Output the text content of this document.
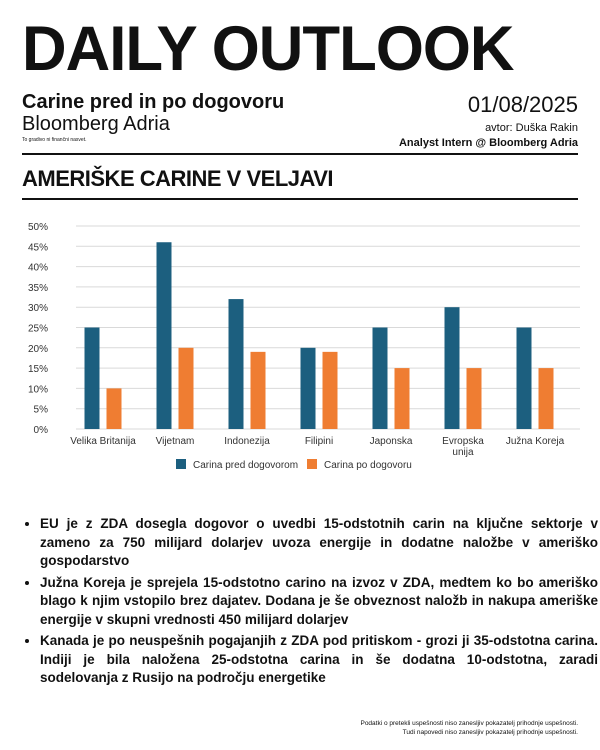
DAILY OUTLOOK
Carine pred in po dogovoru
Bloomberg Adria
To gradivo ni finančni nasvet.
01/08/2025
avtor: Duška Rakin
Analyst Intern @ Bloomberg Adria
AMERIŠKE CARINE V VELJAVI
0%
5%
10%
15%
20%
25%
30%
35%
40%
45%
50%
Velika Britanija Vijetnam	Indonezija	Filipini	Japonska	Evropska
unija
Južna Koreja
Carina pred dogovorom	Carina po dogovoru
• EU je z ZDA dosegla dogovor o uvedbi 15-odstotnih carin na ključne sektorje v zameno za 750 milijard dolarjev uvoza energije in dodatne naložbe v ameriško gospodarstvo
• Južna Koreja je sprejela 15-odstotno carino na izvoz v ZDA, medtem ko bo ameriško blago k njim vstopilo brez dajatev. Dodana je še obveznost naložb in nakupa ameriške energije v skupni vrednosti 450 milijard dolarjev
• Kanada je po neuspešnih pogajanjih z ZDA pod pritiskom - grozi ji 35-odstotna carina. Indiji je bila naložena 25-odstotna carina in še dodatna 10-odstotna, zaradi sodelovanja z Rusijo na področju energetike
Podatki o pretekli uspešnosti niso zanesljiv pokazatelj prihodnje uspešnosti.
Tudi napovedi niso zanesljiv pokazatelj prihodnje uspešnosti.
